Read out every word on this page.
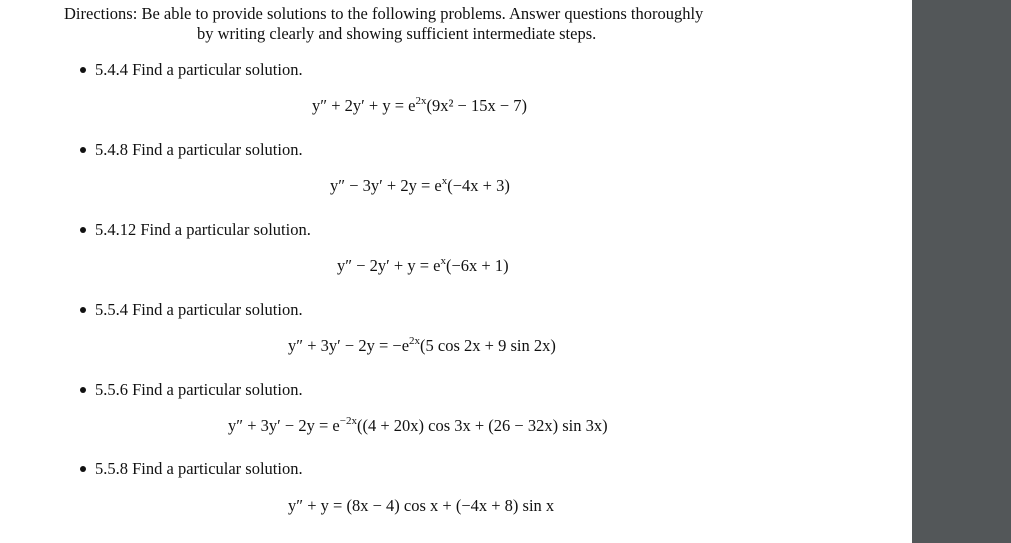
Directions: Be able to provide solutions to the following problems. Answer questions thoroughly
by writing clearly and showing sufficient intermediate steps.
5.4.4 Find a particular solution.
$y'' + 2y' + y = e^{2x}(9x^2 - 15x - 7)$
5.4.8 Find a particular solution.
$y'' - 3y' + 2y = e^x(-4x + 3)$
5.4.12 Find a particular solution.
$y'' - 2y' + y = e^x(-6x + 1)$
5.5.4 Find a particular solution.
$y'' + 3y' - 2y = -e^{2x}(5$ cos 2x + 9 sin 2x)
5.5.6 Find a particular solution.
$y'' + 3y' - 2y = e^{-2x}((4 + 20x)$ cos 3x + (26 − 32x) sin 3x)
5.5.8 Find a particular solution.
y″ + y = (8x − 4) cos x + (−4x + 8) sin x
